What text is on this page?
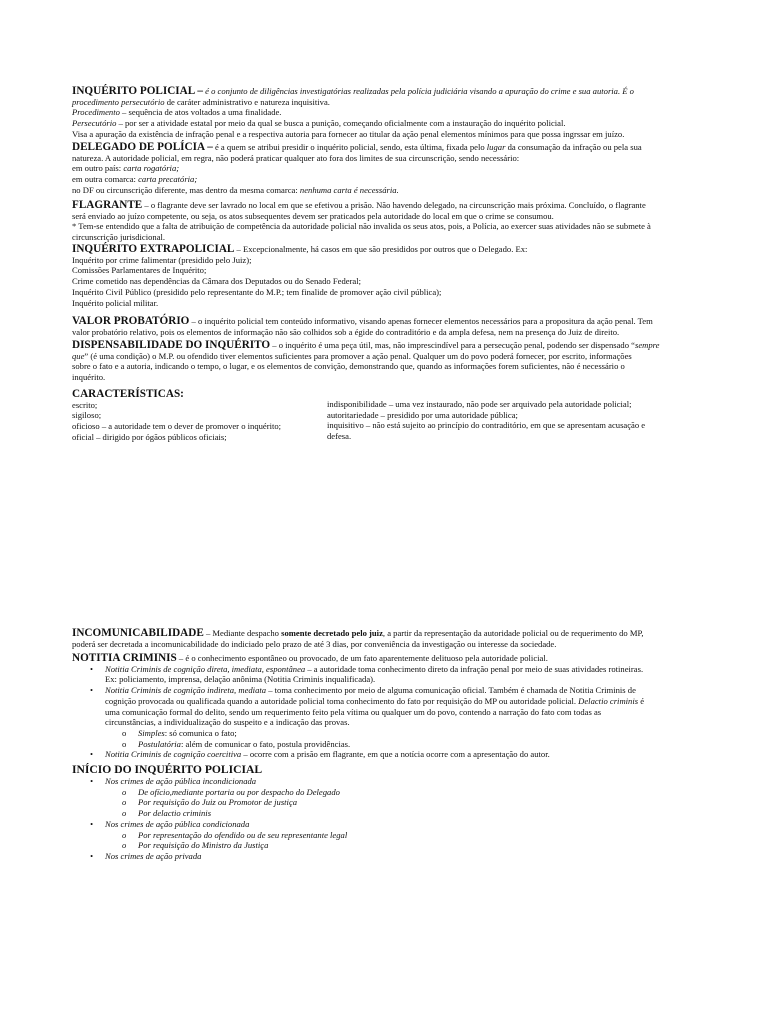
INQUÉRITO POLICIAL – é o conjunto de diligências investigatórias realizadas pela polícia judiciária visando a apuração do crime e sua autoria. É o
procedimento persecutório de caráter administrativo e natureza inquisitiva.
Procedimento – sequência de atos voltados a uma finalidade.
Persecutório – por ser a atividade estatal por meio da qual se busca a punição, começando oficialmente com a instauração do inquérito policial.
Visa a apuração da existência de infração penal e a respectiva autoria para fornecer ao titular da ação penal elementos mínimos para que possa ingrssar em juízo.
DELEGADO DE POLÍCIA – é a quem se atribui presidir o inquérito policial, sendo, esta última, fixada pelo lugar da consumação da infração ou pela sua
natureza. A autoridade policial, em regra, não poderá praticar qualquer ato fora dos limites de sua circunscrição, sendo necessário:
em outro país: carta rogatória;
em outra comarca: carta precatória;
no DF ou circunscrição diferente, mas dentro da mesma comarca: nenhuma carta é necessária.
FLAGRANTE – o flagrante deve ser lavrado no local em que se efetivou a prisão. Não havendo delegado, na circunscrição mais próxima. Concluído, o flagrante
será enviado ao juízo competente, ou seja, os atos subsequentes devem ser praticados pela autoridade do local em que o crime se consumou.
* Tem-se entendido que a falta de atribuição de competência da autoridade policial não invalida os seus atos, pois, a Polícia, ao exercer suas atividades não se submete à
circunscrição jurisdicional.
INQUÉRITO EXTRAPOLICIAL – Excepcionalmente, há casos em que são presididos por outros que o Delegado. Ex:
Inquérito por crime falimentar (presidido pelo Juiz);
Comissões Parlamentares de Inquérito;
Crime cometido nas dependências da Câmara dos Deputados ou do Senado Federal;
Inquérito Civil Público (presidido pelo representante do M.P.; tem finalide de promover ação civil pública);
Inquérito policial militar.
VALOR PROBATÓRIO – o inquérito policial tem conteúdo informativo, visando apenas fornecer elementos necessários para a propositura da ação penal. Tem
valor probatório relativo, pois os elementos de informação não são colhidos sob a égide do contraditório e da ampla defesa, nem na presença do Juiz de direito.
DISPENSABILIDADE DO INQUÉRITO – o inquérito é uma peça útil, mas, não imprescindível para a persecução penal, podendo ser dispensado “sempre
que” (é uma condição) o M.P. ou ofendido tiver elementos suficientes para promover a ação penal. Qualquer um do povo poderá fornecer, por escrito, informações
sobre o fato e a autoria, indicando o tempo, o lugar, e os elementos de convição, demonstrando que, quando as informações forem suficientes, não é necessário o
inquérito.
CARACTERÍSTICAS:
escrito;
sigiloso;
oficioso – a autoridade tem o dever de promover o inquérito;
oficial – dirigido por ógãos públicos oficiais;
indisponibilidade – uma vez instaurado, não pode ser arquivado pela autoridade policial;
autoritariedade – presidido por uma autoridade pública;
inquisitivo – não está sujeito ao princípio do contraditório, em que se apresentam acusação e
defesa.
INCOMUNICABILIDADE – Mediante despacho somente decretado pelo juiz, a partir da representação da autoridade policial ou de requerimento do MP,
poderá ser decretada a incomunicabilidade do indiciado pelo prazo de até 3 dias, por conveniência da investigação ou interesse da sociedade.
NOTITIA CRIMINIS – é o conhecimento espontâneo ou provocado, de um fato aparentemente delituoso pela autoridade policial.
• Notitia Criminis de cognição direta, imediata, espontânea – a autoridade toma conhecimento direto da infração penal por meio de suas atividades rotineiras.
Ex: policiamento, imprensa, delação anônima (Notitia Criminis inqualificada).
• Notitia Criminis de cognição indireta, mediata – toma conhecimento por meio de alguma comunicação oficial. Também é chamada de Notitia Criminis de
cognição provocada ou qualificada quando a autoridade policial toma conhecimento do fato por requisição do MP ou autoridade policial. Delactio criminis é
uma comunicação formal do delito, sendo um requerimento feito pela vítima ou qualquer um do povo, contendo a narração do fato com todas as
circunstâncias, a individualização do suspeito e a indicação das provas.
o Simples: só comunica o fato;
o Postulatória: além de comunicar o fato, postula providências.
• Notitia Criminis de cognição coercitiva – ocorre com a prisão em flagrante, em que a notícia ocorre com a apresentação do autor.
INÍCIO DO INQUÉRITO POLICIAL
• Nos crimes de ação pública incondicionada
o De ofício,mediante portaria ou por despacho do Delegado
o Por requisição do Juiz ou Promotor de justiça
o Por delactio criminis
• Nos crimes de ação pública condicionada
o Por representação do ofendido ou de seu representante legal
o Por requisição do Ministro da Justiça
• Nos crimes de ação privada
